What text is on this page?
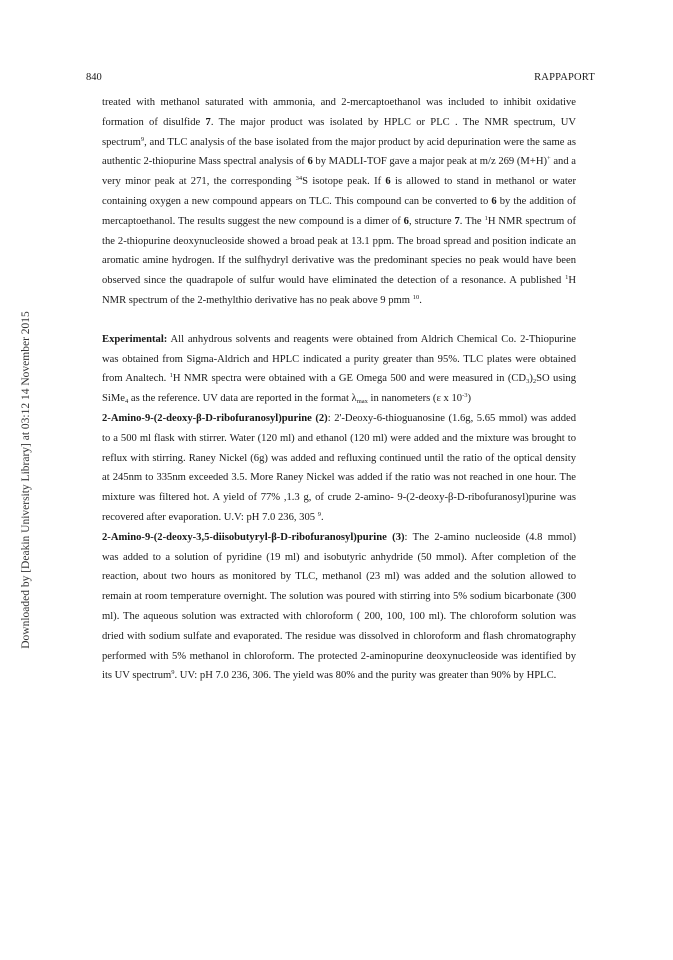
840	RAPPAPORT
Downloaded by [Deakin University Library] at 03:12 14 November 2015

treated with methanol saturated with ammonia, and 2-mercaptoethanol was included to inhibit oxidative formation of disulfide 7. The major product was isolated by HPLC or PLC . The NMR spectrum, UV spectrum$^9$, and TLC analysis of the base isolated from the major product by acid depurination were the same as authentic 2-thiopurine Mass spectral analysis of 6 by MADLI-TOF gave a major peak at m/z 269 (M+H)+ and a very minor peak at 271, the corresponding $^{34}$S isotope peak. If 6 is allowed to stand in methanol or water containing oxygen a new compound appears on TLC. This compound can be converted to 6 by the addition of mercaptoethanol. The results suggest the new compound is a dimer of 6, structure 7. The $^1$H NMR spectrum of the 2-thiopurine deoxynucleoside showed a broad peak at 13.1 ppm. The broad spread and position indicate an aromatic amine hydrogen. If the sulfhydryl derivative was the predominant species no peak would have been observed since the quadrapole of sulfur would have eliminated the detection of a resonance. A published $^1$H NMR spectrum of the 2-methylthio derivative has no peak above 9 pmm $^{10}$.

Experimental: All anhydrous solvents and reagents were obtained from Aldrich Chemical Co. 2-Thiopurine was obtained from Sigma-Aldrich and HPLC indicated a purity greater than 95%. TLC plates were obtained from Analtech. $^1$H NMR spectra were obtained with a GE Omega 500 and were measured in $(CD_3)_2SO$ using SiMe$_4$ as the reference. UV data are reported in the format $\lambda_{max}$ in nanometers (ε x $10^{-3}$)

2-Amino-9-(2-deoxy-β-D-ribofuranosyl)purine (2): 2'-Deoxy-6-thioguanosine (1.6g, 5.65 mmol) was added to a 500 ml flask with stirrer. Water (120 ml) and ethanol (120 ml) were added and the mixture was brought to reflux with stirring. Raney Nickel (6g) was added and refluxing continued until the ratio of the optical density at 245nm to 335nm exceeded 3.5. More Raney Nickel was added if the ratio was not reached in one hour. The mixture was filtered hot. A yield of 77% ,1.3 g, of crude 2-amino- 9-(2-deoxy-β-D-ribofuranosyl)purine was recovered after evaporation. U.V: pH 7.0 236, 305 $^9$.

2-Amino-9-(2-deoxy-3,5-diisobutyryl-β-D-ribofuranosyl)purine (3): The 2-amino nucleoside (4.8 mmol) was added to a solution of pyridine (19 ml) and isobutyric anhydride (50 mmol). After completion of the reaction, about two hours as monitored by TLC, methanol (23 ml) was added and the solution allowed to remain at room temperature overnight. The solution was poured with stirring into 5% sodium bicarbonate (300 ml). The aqueous solution was extracted with chloroform ( 200, 100, 100 ml). The chloroform solution was dried with sodium sulfate and evaporated. The residue was dissolved in chloroform and flash chromatography performed with 5% methanol in chloroform. The protected 2-aminopurine deoxynucleoside was identified by its UV spectrum$^9$. UV: pH 7.0 236, 306. The yield was 80% and the purity was greater than 90% by HPLC.
